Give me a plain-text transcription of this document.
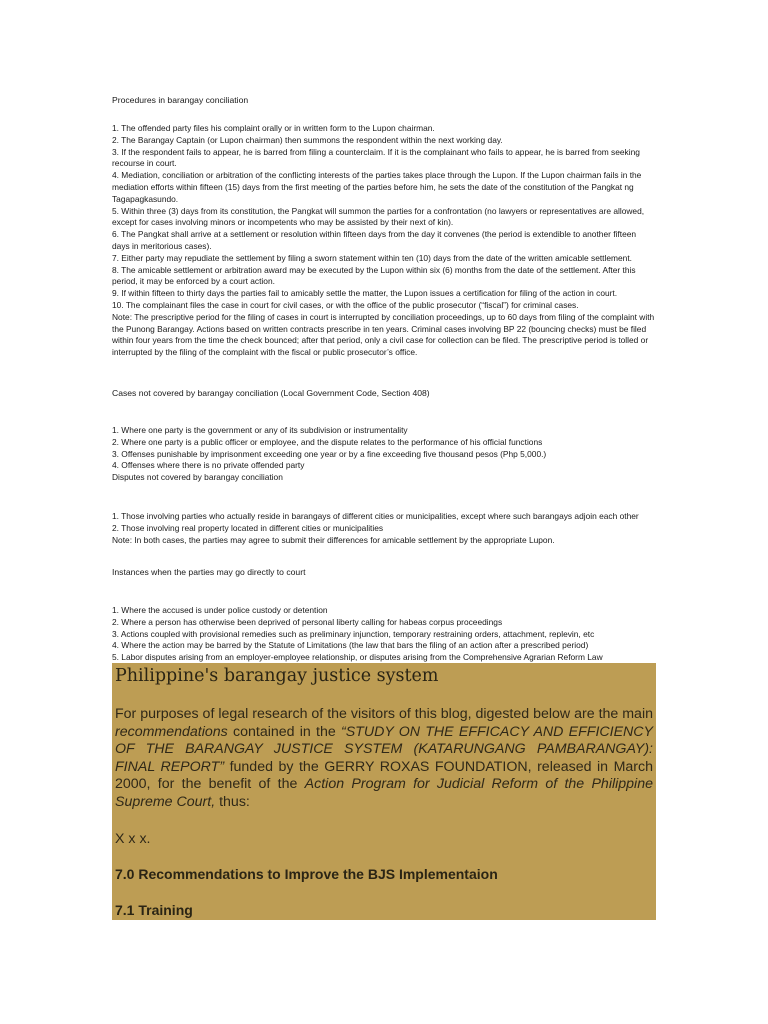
Procedures in barangay conciliation

1. The offended party files his complaint orally or in written form to the Lupon chairman.

2. The Barangay Captain (or Lupon chairman) then summons the respondent within the next working day.

3. If the respondent fails to appear, he is barred from filing a counterclaim. If it is the complainant who fails to appear, he is barred from seeking recourse in court.

4. Mediation, conciliation or arbitration of the conflicting interests of the parties takes place through the Lupon. If the Lupon chairman fails in the mediation efforts within fifteen (15) days from the first meeting of the parties before him, he sets the date of the constitution of the Pangkat ng Tagapagkasundo.

5. Within three (3) days from its constitution, the Pangkat will summon the parties for a confrontation (no lawyers or representatives are allowed, except for cases involving minors or incompetents who may be assisted by their next of kin).

6. The Pangkat shall arrive at a settlement or resolution within fifteen days from the day it convenes (the period is extendible to another fifteen days in meritorious cases).

7. Either party may repudiate the settlement by filing a sworn statement within ten (10) days from the date of the written amicable settlement.

8. The amicable settlement or arbitration award may be executed by the Lupon within six (6) months from the date of the settlement. After this period, it may be enforced by a court action.

9. If within fifteen to thirty days the parties fail to amicably settle the matter, the Lupon issues a certification for filing of the action in court.

10. The complainant files the case in court for civil cases, or with the office of the public prosecutor (“fiscal”) for criminal cases.

Note: The prescriptive period for the filing of cases in court is interrupted by conciliation proceedings, up to 60 days from filing of the complaint with the Punong Barangay. Actions based on written contracts prescribe in ten years. Criminal cases involving BP 22 (bouncing checks) must be filed within four years from the time the check bounced; after that period, only a civil case for collection can be filed. The prescriptive period is tolled or interrupted by the filing of the complaint with the fiscal or public prosecutor’s office.

Cases not covered by barangay conciliation (Local Government Code, Section 408)

1. Where one party is the government or any of its subdivision or instrumentality

2. Where one party is a public officer or employee, and the dispute relates to the performance of his official functions

3. Offenses punishable by imprisonment exceeding one year or by a fine exceeding five thousand pesos (Php 5,000.)

4. Offenses where there is no private offended party

Disputes not covered by barangay conciliation

1. Those involving parties who actually reside in barangays of different cities or municipalities, except where such barangays adjoin each other

2. Those involving real property located in different cities or municipalities

Note: In both cases, the parties may agree to submit their differences for amicable settlement by the appropriate Lupon.

Instances when the parties may go directly to court

1. Where the accused is under police custody or detention

2. Where a person has otherwise been deprived of personal liberty calling for habeas corpus proceedings

3. Actions coupled with provisional remedies such as preliminary injunction, temporary restraining orders, attachment, replevin, etc

4. Where the action may be barred by the Statute of Limitations (the law that bars the filing of an action after a prescribed period)

5. Labor disputes arising from an employer-employee relationship, or disputes arising from the Comprehensive Agrarian Reform Law

Philippine's barangay justice system
For purposes of legal research of the visitors of this blog, digested below are the main recommendations contained in the “STUDY ON THE EFFICACY AND EFFICIENCY OF THE BARANGAY JUSTICE SYSTEM (KATARUNGANG PAMBARANGAY): FINAL REPORT” funded by the GERRY ROXAS FOUNDATION, released in March 2000, for the benefit of the Action Program for Judicial Reform of the Philippine Supreme Court, thus:
X x x.
7.0 Recommendations to Improve the BJS Implementaion
7.1 Training
